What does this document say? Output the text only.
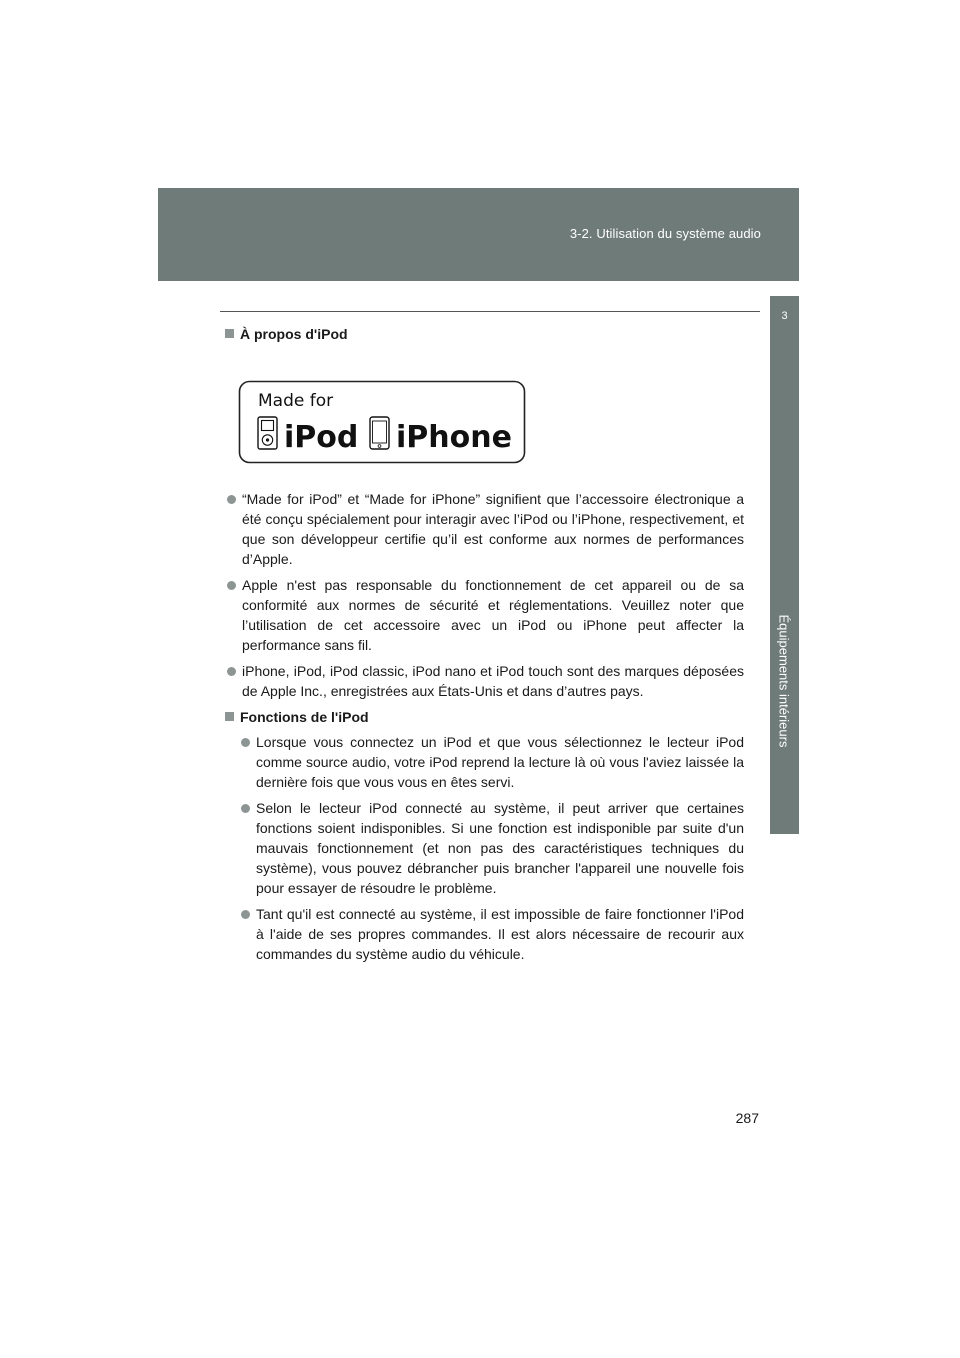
3-2. Utilisation du système audio
3
Équipements intérieurs
À propos d'iPod
Made for
iPod iPhone
“Made for iPod” et “Made for iPhone” signifient que l’accessoire électronique a été conçu spécialement pour interagir avec l’iPod ou l’iPhone, respectivement, et que son développeur certifie qu’il est conforme aux normes de performances d’Apple.
Apple n'est pas responsable du fonctionnement de cet appareil ou de sa conformité aux normes de sécurité et réglementations. Veuillez noter que l’utilisation de cet accessoire avec un iPod ou iPhone peut affecter la performance sans fil.
iPhone, iPod, iPod classic, iPod nano et iPod touch sont des marques déposées de Apple Inc., enregistrées aux États-Unis et dans d’autres pays.
Fonctions de l'iPod
Lorsque vous connectez un iPod et que vous sélectionnez le lecteur iPod comme source audio, votre iPod reprend la lecture là où vous l'aviez laissée la dernière fois que vous vous en êtes servi.
Selon le lecteur iPod connecté au système, il peut arriver que certaines fonctions soient indisponibles. Si une fonction est indisponible par suite d'un mauvais fonctionnement (et non pas des caractéristiques techniques du système), vous pouvez débrancher puis brancher l'appareil une nouvelle fois pour essayer de résoudre le problème.
Tant qu'il est connecté au système, il est impossible de faire fonctionner l'iPod à l'aide de ses propres commandes. Il est alors nécessaire de recourir aux commandes du système audio du véhicule.
287
